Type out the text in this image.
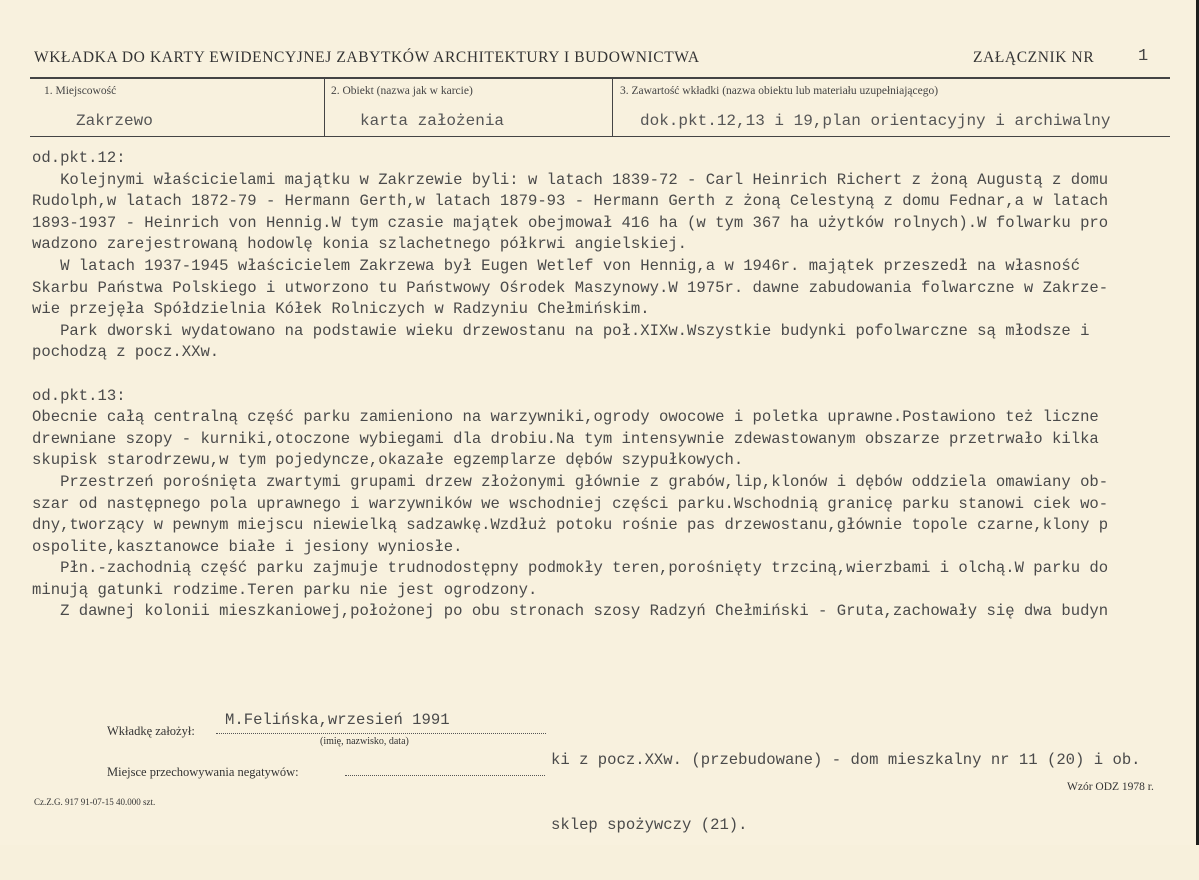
WKŁADKA DO KARTY EWIDENCYJNEJ ZABYTKÓW ARCHITEKTURY I BUDOWNICTWA	ZAŁĄCZNIK NR	1
1. Miejscowość
Zakrzewo
2. Obiekt (nazwa jak w karcie)
karta założenia
3. Zawartość wkładki (nazwa obiektu lub materiału uzupełniającego)
dok.pkt.12,13 i 19,plan orientacyjny i archiwalny
od.pkt.12:
Kolejnymi właścicielami majątku w Zakrzewie byli: w latach 1839-72 - Carl Heinrich Richert z żoną Augustą z domu
Rudolph,w latach 1872-79 - Hermann Gerth,w latach 1879-93 - Hermann Gerth z żoną Celestyną z domu Fednar,a w latach
1893-1937 - Heinrich von Hennig.W tym czasie majątek obejmował 416 ha (w tym 367 ha użytków rolnych).W folwarku pro
wadzono zarejestrowaną hodowlę konia szlachetnego półkrwi angielskiej.
W latach 1937-1945 właścicielem Zakrzewa był Eugen Wetlef von Hennig,a w 1946r. majątek przeszedł na własność
Skarbu Państwa Polskiego i utworzono tu Państwowy Ośrodek Maszynowy.W 1975r. dawne zabudowania folwarczne w Zakrze-
wie przejęła Spółdzielnia Kółek Rolniczych w Radzyniu Chełmińskim.
Park dworski wydatowano na podstawie wieku drzewostanu na poł.XIXw.Wszystkie budynki pofolwarczne są młodsze i
pochodzą z pocz.XXw.
od.pkt.13:
Obecnie całą centralną część parku zamieniono na warzywniki,ogrody owocowe i poletka uprawne.Postawiono też liczne
drewniane szopy - kurniki,otoczone wybiegami dla drobiu.Na tym intensywnie zdewastowanym obszarze przetrwało kilka
skupisk starodrzewu,w tym pojedyncze,okazałe egzemplarze dębów szypułkowych.
Przestrzeń porośnięta zwartymi grupami drzew złożonymi głównie z grabów,lip,klonów i dębów oddziela omawiany ob-
szar od następnego pola uprawnego i warzywników we wschodniej części parku.Wschodnią granicę parku stanowi ciek wo-
dny,tworzący w pewnym miejscu niewielką sadzawkę.Wzdłuż potoku rośnie pas drzewostanu,głównie topole czarne,klony p
ospolite,kasztanowce białe i jesiony wyniosłe.
Płn.-zachodnią część parku zajmuje trudnodostępny podmokły teren,porośnięty trzciną,wierzbami i olchą.W parku do
minują gatunki rodzime.Teren parku nie jest ogrodzony.
Z dawnej kolonii mieszkaniowej,położonej po obu stronach szosy Radzyń Chełmiński - Gruta,zachowały się dwa budyn

ki z pocz.XXw. (przebudowane) - dom mieszkalny nr 11 (20) i ob.

sklep spożywczy (21).

Wkładkę założył:
M.Felińska,wrzesień 1991
(imię, nazwisko, data)
Miejsce przechowywania negatywów:
Wzór ODZ 1978 r.
Cz.Z.G. 917 91-07-15 40.000 szt.
